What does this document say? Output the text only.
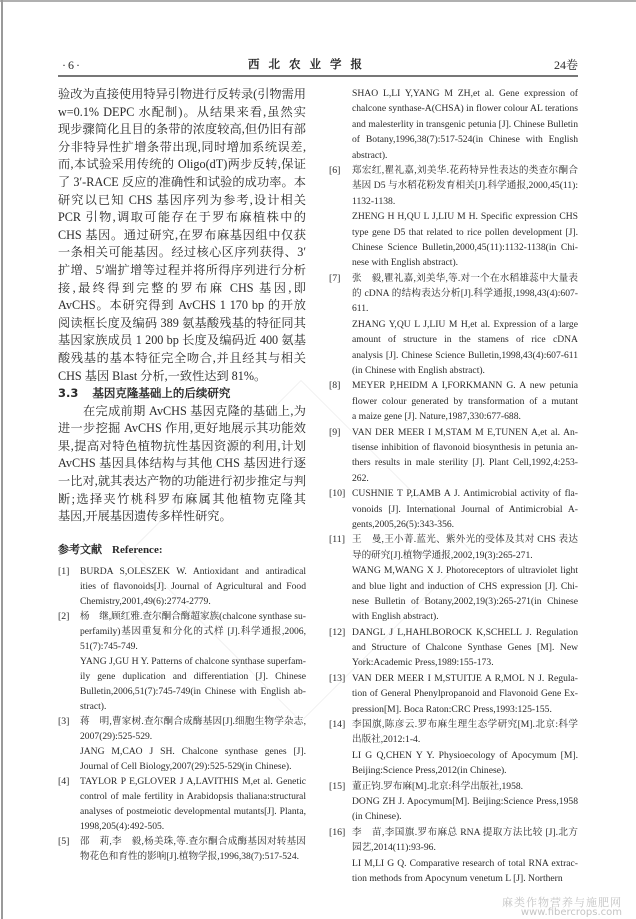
·6·	西北农业学报	24卷
验改为直接使用特异引物进行反转录(引物需用
w=0.1% DEPC 水配制)。从结果来看,虽然实
现步骤简化且目的条带的浓度较高,但仍旧有部
分非特异性扩增条带出现,同时增加系统误差,
而,本试验采用传统的 Oligo(dT)两步反转,保证
了 3′-RACE 反应的准确性和试验的成功率。本
研究以已知 CHS 基因序列为参考,设计相关
PCR 引物,调取可能存在于罗布麻植株中的
CHS 基因。通过研究,在罗布麻基因组中仅获
一条相关可能基因。经过核心区序列获得、3′
扩增、5′端扩增等过程并将所得序列进行分析
接,最终得到完整的罗布麻 CHS 基因,即
AvCHS。本研究得到 AvCHS 1 170 bp 的开放
阅读框长度及编码 389 氨基酸残基的特征同其
基因家族成员 1 200 bp 长度及编码近 400 氨基
酸残基的基本特征完全吻合,并且经其与相关
CHS 基因 Blast 分析,一致性达到 81%。
3.3 基因克隆基础上的后续研究
在完成前期 AvCHS 基因克隆的基础上,为
进一步挖掘 AvCHS 作用,更好地展示其功能效
果,提高对特色植物抗性基因资源的利用,计划
AvCHS 基因具体结构与其他 CHS 基因进行逐
一比对,就其表达产物的功能进行初步推定与判
断;选择夹竹桃科罗布麻属其他植物克隆其
基因,开展基因遗传多样性研究。
参考文献 Reference:
[1] BURDA S,OLESZEK W. Antioxidant and antiradical
ities of flavonoids[J]. Journal of Agricultural and Food
Chemistry,2001,49(6):2774-2779.
[2] 杨　继,顾红雅.查尔酮合酶超家族(chalcone synthase su-
perfamily)基因重复和分化的式样 [J].科学通报,2006,
51(7):745-749.
YANG J,GU H Y. Patterns of chalcone synthase superfam-
ily gene duplication and differentiation [J]. Chinese
Bulletin,2006,51(7):745-749(in Chinese with English ab-
stract).
[3] 蒋　明,曹家树.查尔酮合成酶基因[J].细胞生物学杂志,
2007(29):525-529.
JANG M,CAO J SH. Chalcone synthase genes [J].
Journal of Cell Biology,2007(29):525-529(in Chinese).
[4] TAYLOR P E,GLOVER J A,LAVITHIS M,et al. Genetic
control of male fertility in Arabidopsis thaliana:structural
analyses of postmeiotic developmental mutants[J]. Planta,
1998,205(4):492-505.
[5] 邵　莉,李　毅,杨美珠,等.查尔酮合成酶基因对转基因
物花色和育性的影响[J].植物学报,1996,38(7):517-524.
SHAO L,LI Y,YANG M ZH,et al. Gene expression of
chalcone synthase-A(CHSA) in flower colour AL terations
and malesterlity in transgenic petunia [J]. Chinese Bulletin
of Botany,1996,38(7):517-524(in Chinese with English
abstract).
[6] 郑宏红,瞿礼嘉,刘美华.花药特异性表达的类查尔酮合
基因 D5 与水稻花粉发育相关[J].科学通报,2000,45(11):
1132-1138.
ZHENG H H,QU L J,LIU M H. Specific expression CHS
type gene D5 that related to rice pollen development [J].
Chinese Science Bulletin,2000,45(11):1132-1138(in Chi-
nese with English abstract).
[7] 张　毅,瞿礼嘉,刘美华,等.对一个在水稻雄蕊中大量表
的 cDNA 的结构表达分析[J].科学通报,1998,43(4):607-
611.
ZHANG Y,QU L J,LIU M H,et al. Expression of a large
amount of structure in the stamens of rice cDNA
analysis [J]. Chinese Science Bulletin,1998,43(4):607-611
(in Chinese with English abstract).
[8] MEYER P,HEIDM A I,FORKMANN G. A new petunia
flower colour generated by transformation of a mutant
a maize gene [J]. Nature,1987,330:677-688.
[9] VAN DER MEER I M,STAM M E,TUNEN A,et al. An-
tisense inhibition of flavonoid biosynthesis in petunia an-
thers results in male sterility [J]. Plant Cell,1992,4:253-
262.
[10] CUSHNIE T P,LAMB A J. Antimicrobial activity of fla-
vonoids [J]. International Journal of Antimicrobial A-
gents,2005,26(5):343-356.
[11] 王　曼,王小菁.蓝光、紫外光的受体及其对 CHS 表达
导的研究[J].植物学通报,2002,19(3):265-271.
WANG M,WANG X J. Photoreceptors of ultraviolet light
and blue light and induction of CHS expression [J]. Chi-
nese Bulletin of Botany,2002,19(3):265-271(in Chinese
with English abstract).
[12] DANGL J L,HAHLBOROCK K,SCHELL J. Regulation
and Structure of Chalcone Synthase Genes [M]. New
York:Academic Press,1989:155-173.
[13] VAN DER MEER I M,STUITJE A R,MOL N J. Regula-
tion of General Phenylpropanoid and Flavonoid Gene Ex-
pression[M]. Boca Raton:CRC Press,1993:125-155.
[14] 李国旗,陈彦云.罗布麻生理生态学研究[M].北京:科学
出版社,2012:1-4.
LI G Q,CHEN Y Y. Physioecology of Apocymum [M].
Beijing:Science Press,2012(in Chinese).
[15] 董正钧.罗布麻[M].北京:科学出版社,1958.
DONG ZH J. Apocymum[M]. Beijing:Science Press,1958
(in Chinese).
[16] 李　苗,李国旗.罗布麻总 RNA 提取方法比较 [J].北方
园艺,2014(11):93-96.
LI M,LI G Q. Comparative research of total RNA extrac-
tion methods from Apocynum venetum L [J]. Northern
麻类作物营养与施肥网
www.fibercrops.com
